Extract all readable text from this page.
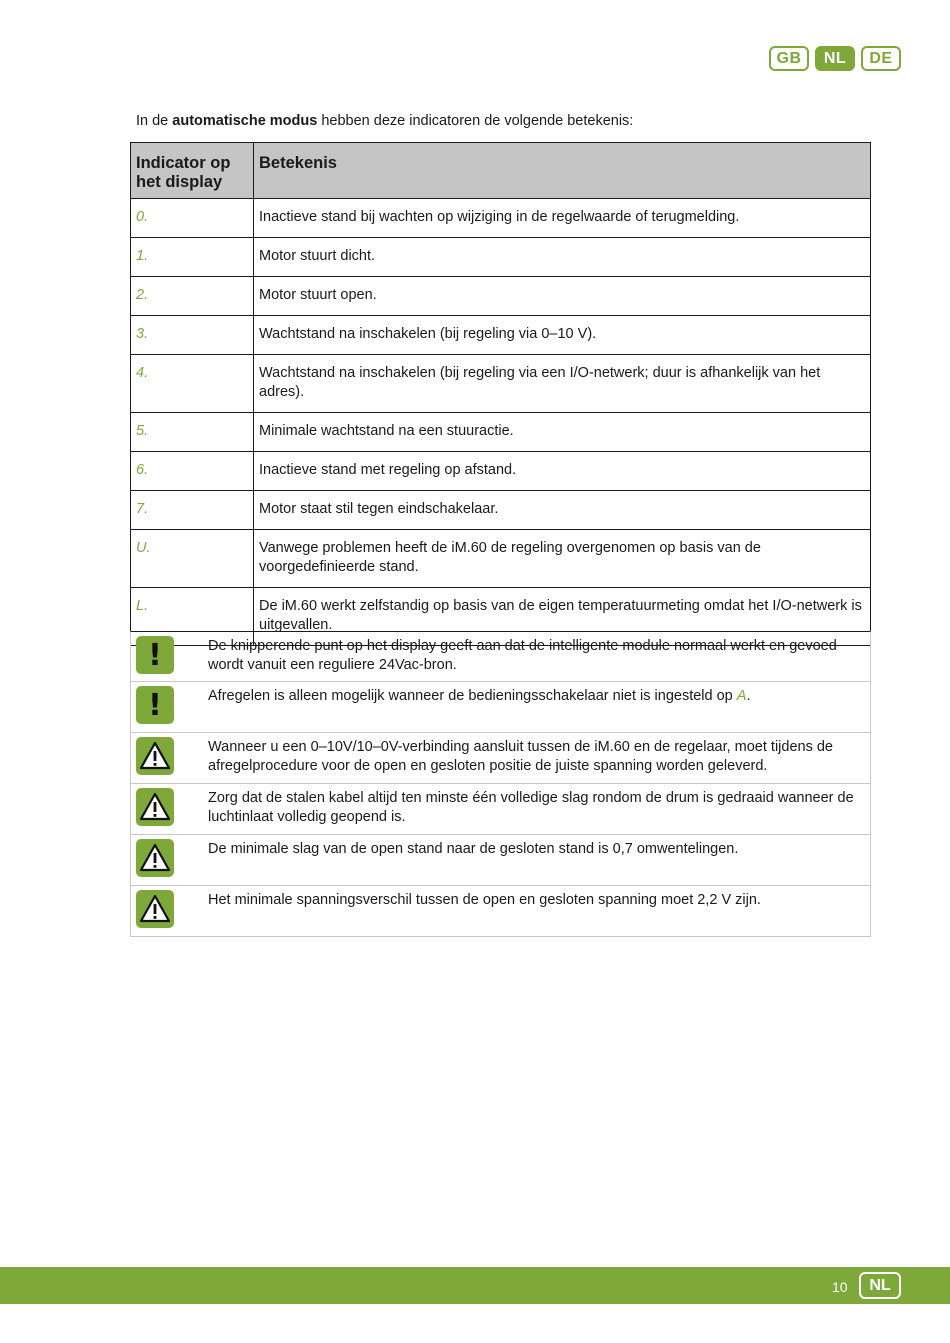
GB	NL	DE

In de automatische modus hebben deze indicatoren de volgende betekenis:

Indicator op het display	Betekenis
0.	Inactieve stand bij wachten op wijziging in de regelwaarde of terugmelding.
1.	Motor stuurt dicht.
2.	Motor stuurt open.
3.	Wachtstand na inschakelen (bij regeling via 0–10 V).
4.	Wachtstand na inschakelen (bij regeling via een I/O-netwerk; duur is afhankelijk van het adres).
5.	Minimale wachtstand na een stuuractie.
6.	Inactieve stand met regeling op afstand.
7.	Motor staat stil tegen eindschakelaar.
U.	Vanwege problemen heeft de iM.60 de regeling overgenomen op basis van de voorgedefinieerde stand.
L.	De iM.60 werkt zelfstandig op basis van de eigen temperatuurmeting omdat het I/O-netwerk is uitgevallen.
!	De knipperende punt op het display geeft aan dat de intelligente module normaal werkt en gevoed wordt vanuit een reguliere 24Vac-bron.
!	Afregelen is alleen mogelijk wanneer de bedieningsschakelaar niet is ingesteld op A.
Wanneer u een 0–10V/10–0V-verbinding aansluit tussen de iM.60 en de regelaar, moet tijdens de afregelprocedure voor de open en gesloten positie de juiste spanning worden geleverd.
Zorg dat de stalen kabel altijd ten minste één volledige slag rondom de drum is gedraaid wanneer de luchtinlaat volledig geopend is.
De minimale slag van de open stand naar de gesloten stand is 0,7 omwentelingen.
Het minimale spanningsverschil tussen de open en gesloten spanning moet 2,2 V zijn.
10	NL
